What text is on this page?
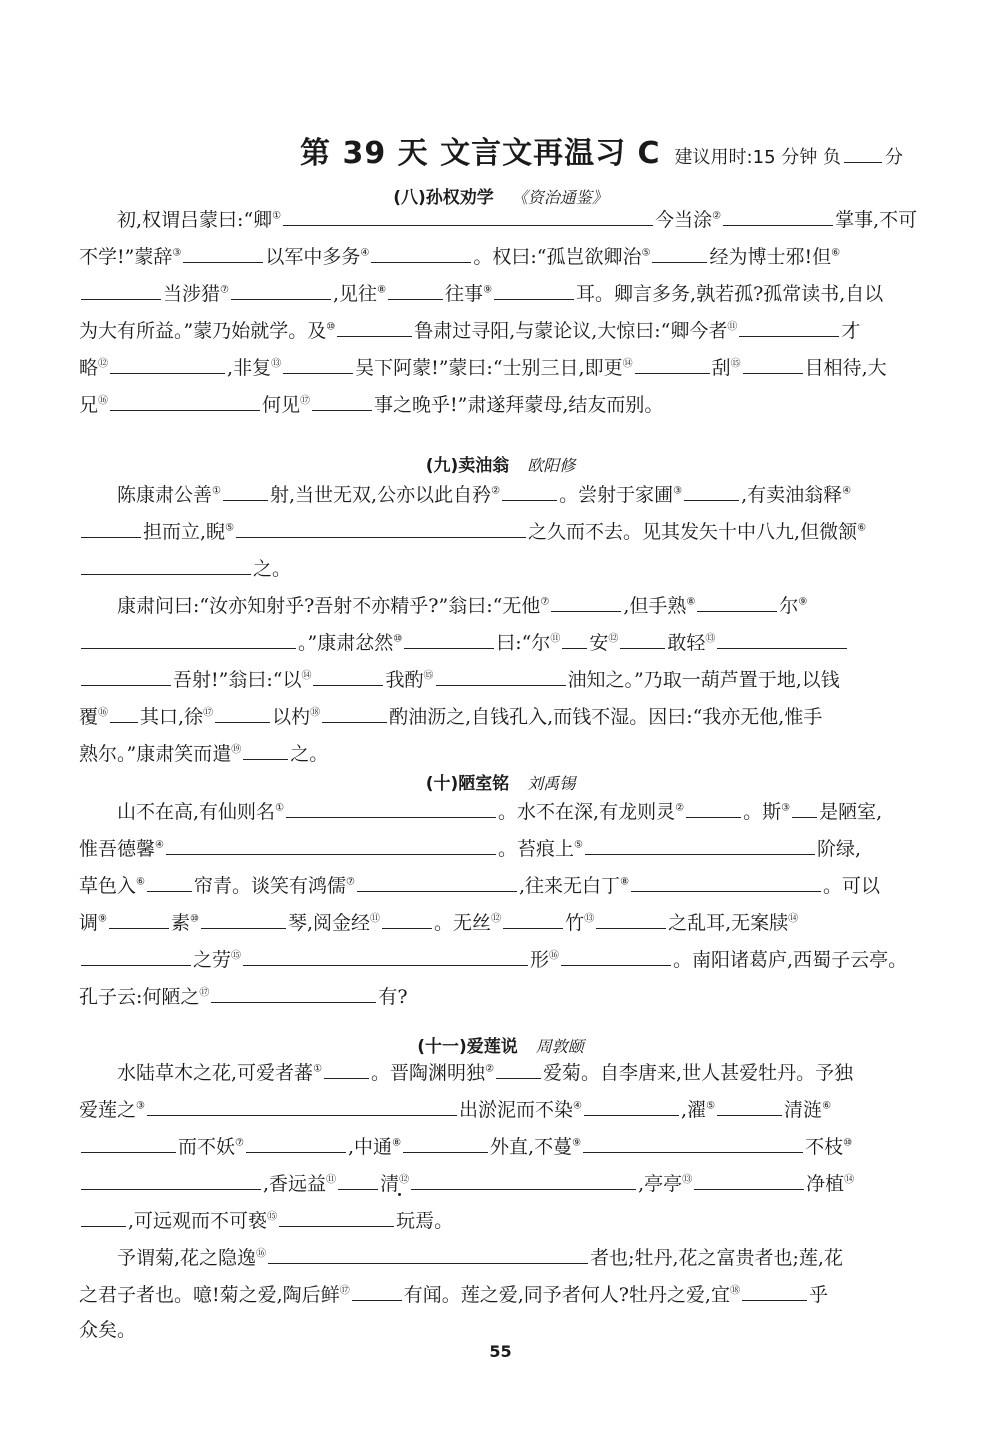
第 39 天 文言文再温习 C 建议用时:15 分钟 负 分
(八)孙权劝学 《资治通鉴》
(九)卖油翁 欧阳修
(十)陋室铭 刘禹锡
(十一)爱莲说 周敦颐
初,权谓吕蒙曰:“卿①	今当涂②	掌事,不可
不学!”蒙辞③	以军中多务④	。权曰:“孤岂欲卿治⑤	经为博士邪!但⑥
当涉猎⑦	,见往⑧	往事⑨	耳。卿言多务,孰若孤?孤常读书,自以
为大有所益。”蒙乃始就学。及⑩	鲁肃过寻阳,与蒙论议,大惊曰:“卿今者⑪	才
略⑫	,非复⑬	吴下阿蒙!”蒙曰:“士别三日,即更⑭	刮⑮	目相待,大
兄⑯	何见⑰	事之晚乎!”肃遂拜蒙母,结友而别。
陈康肃公善①	射,当世无双,公亦以此自矜②	。尝射于家圃③	,有卖油翁释④
担而立,睨⑤	之久而不去。见其发矢十中八九,但微颔⑥
之。
康肃问曰:“汝亦知射乎?吾射不亦精乎?”翁曰:“无他⑦	,但手熟⑧	尔⑨
。”康肃忿然⑩	曰:“尔⑪ 安⑫	敢轻⑬
吾射!”翁曰:“以⑭	我酌⑮	油知之。”乃取一葫芦置于地,以钱
覆⑯ 其口,徐⑰	以杓⑱	酌油沥之,自钱孔入,而钱不湿。因曰:“我亦无他,惟手
熟尔。”康肃笑而遣⑲	之。
山不在高,有仙则名①	。水不在深,有龙则灵②	。斯③ 是陋室,
惟吾德馨④	。苔痕上⑤	阶绿,
草色入⑥	帘青。谈笑有鸿儒⑦	,往来无白丁⑧	。可以
调⑨	素⑩	琴,阅金经⑪	。无丝⑫	竹⑬	之乱耳,无案牍⑭
之劳⑮	形⑯	。南阳诸葛庐,西蜀子云亭。
孔子云:何陋之⑰	有?
水陆草木之花,可爱者蕃①	。晋陶渊明独②	爱菊。自李唐来,世人甚爱牡丹。予独
爱莲之③	出淤泥而不染④	,濯⑤	清涟⑥
而不妖⑦	,中通⑧	外直,不蔓⑨	不枝⑩
,香远益⑪ 清⑫	,亭亭⑬	净植⑭
,可远观而不可亵⑮	玩焉。
予谓菊,花之隐逸⑯	者也;牡丹,花之富贵者也;莲,花
之君子者也。噫!菊之爱,陶后鲜⑰	有闻。莲之爱,同予者何人?牡丹之爱,宜⑱	乎
众矣。
55
